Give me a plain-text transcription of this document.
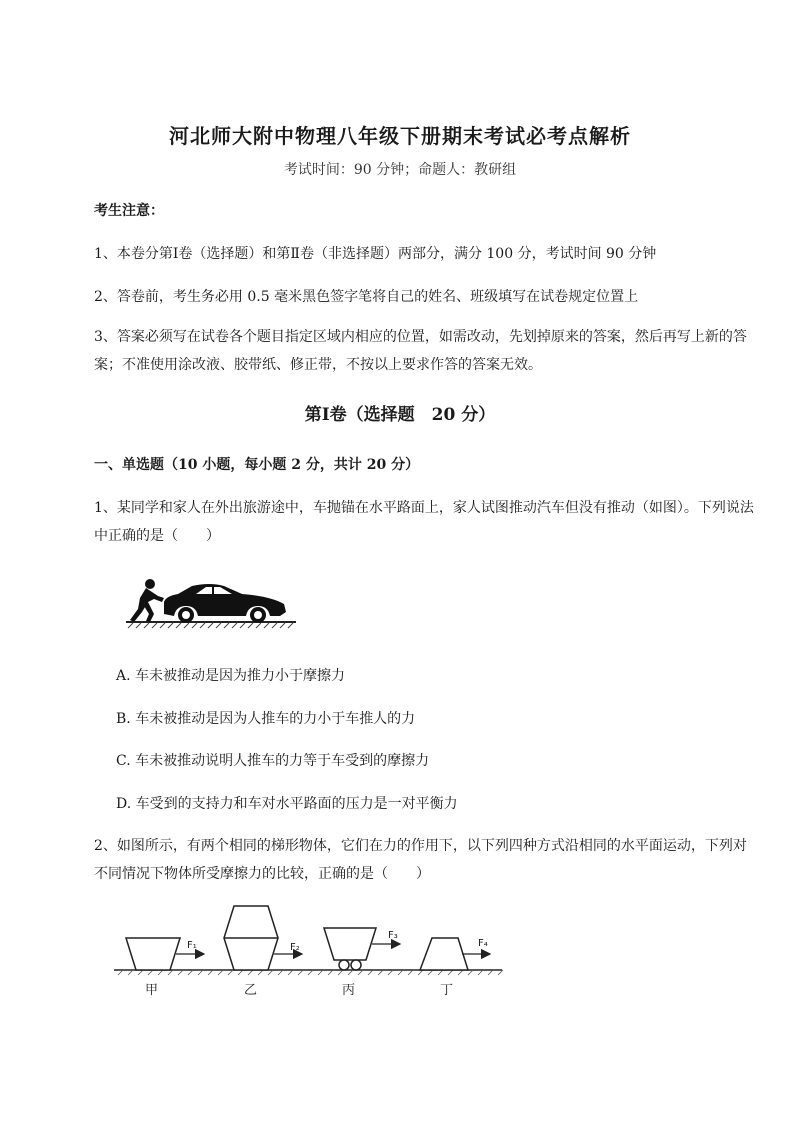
河北师大附中物理八年级下册期末考试必考点解析
考试时间：90 分钟；命题人：教研组
考生注意：
1、本卷分第Ⅰ卷（选择题）和第Ⅱ卷（非选择题）两部分，满分 100 分，考试时间 90 分钟
2、答卷前，考生务必用 0.5 毫米黑色签字笔将自己的姓名、班级填写在试卷规定位置上
3、答案必须写在试卷各个题目指定区域内相应的位置，如需改动，先划掉原来的答案，然后再写上新的答案；不准使用涂改液、胶带纸、修正带，不按以上要求作答的答案无效。
第Ⅰ卷（选择题　20 分）
一、单选题（10 小题，每小题 2 分，共计 20 分）
1、某同学和家人在外出旅游途中，车抛锚在水平路面上，家人试图推动汽车但没有推动（如图）。下列说法中正确的是（　　）
A. 车未被推动是因为推力小于摩擦力
B. 车未被推动是因为人推车的力小于车推人的力
C. 车未被推动说明人推车的力等于车受到的摩擦力
D. 车受到的支持力和车对水平路面的压力是一对平衡力
2、如图所示，有两个相同的梯形物体，它们在力的作用下，以下列四种方式沿相同的水平面运动，下列对不同情况下物体所受摩擦力的比较，正确的是（　　）
F₁
甲
F₂
乙
F₃
丙
F₄
丁
